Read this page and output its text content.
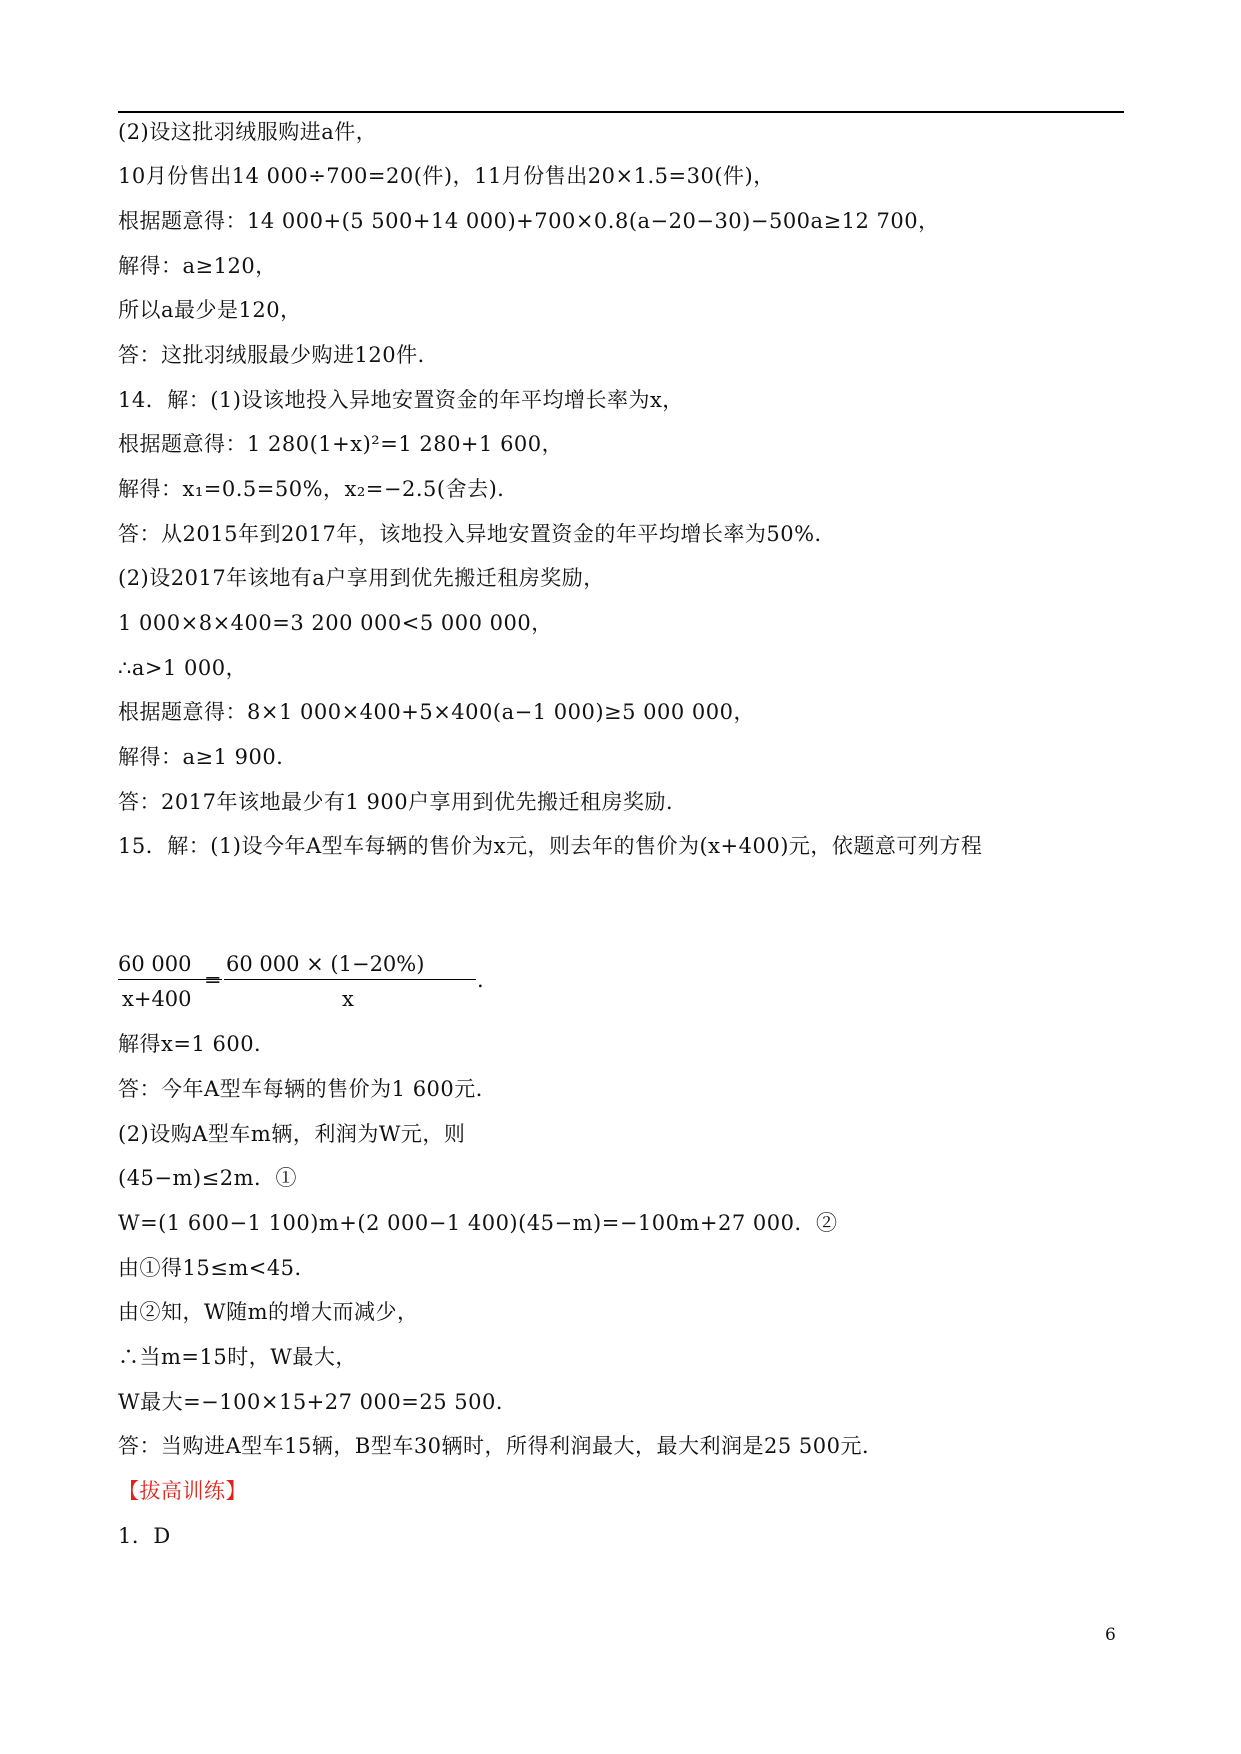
(2)设这批羽绒服购进a件，
10月份售出14 000÷700=20(件)，11月份售出20×1.5=30(件)，
根据题意得：14 000+(5 500+14 000)+700×0.8(a−20−30)−500a≥12 700，
解得：a≥120，
所以a最少是120，
答：这批羽绒服最少购进120件．
14．解：(1)设该地投入异地安置资金的年平均增长率为x，
根据题意得：1 280(1+x)²=1 280+1 600，
解得：x₁=0.5=50%，x₂=−2.5(舍去)．
答：从2015年到2017年，该地投入异地安置资金的年平均增长率为50%．
(2)设2017年该地有a户享用到优先搬迁租房奖励，
1 000×8×400=3 200 000<5 000 000，
∴a>1 000，
根据题意得：8×1 000×400+5×400(a−1 000)≥5 000 000，
解得：a≥1 900．
答：2017年该地最少有1 900户享用到优先搬迁租房奖励．
15．解：(1)设今年A型车每辆的售价为x元，则去年的售价为(x+400)元，依题意可列方程
60 000
x+400
=
60 000 × (1−20%)
x
.
解得x=1 600．
答：今年A型车每辆的售价为1 600元．
(2)设购A型车m辆，利润为W元，则
(45−m)≤2m．①
W=(1 600−1 100)m+(2 000−1 400)(45−m)=−100m+27 000．②
由①得15≤m<45．
由②知，W随m的增大而减少，
∴当m=15时，W最大，
W最大=−100×15+27 000=25 500．
答：当购进A型车15辆，B型车30辆时，所得利润最大，最大利润是25 500元．
【拔高训练】
1．D
6
